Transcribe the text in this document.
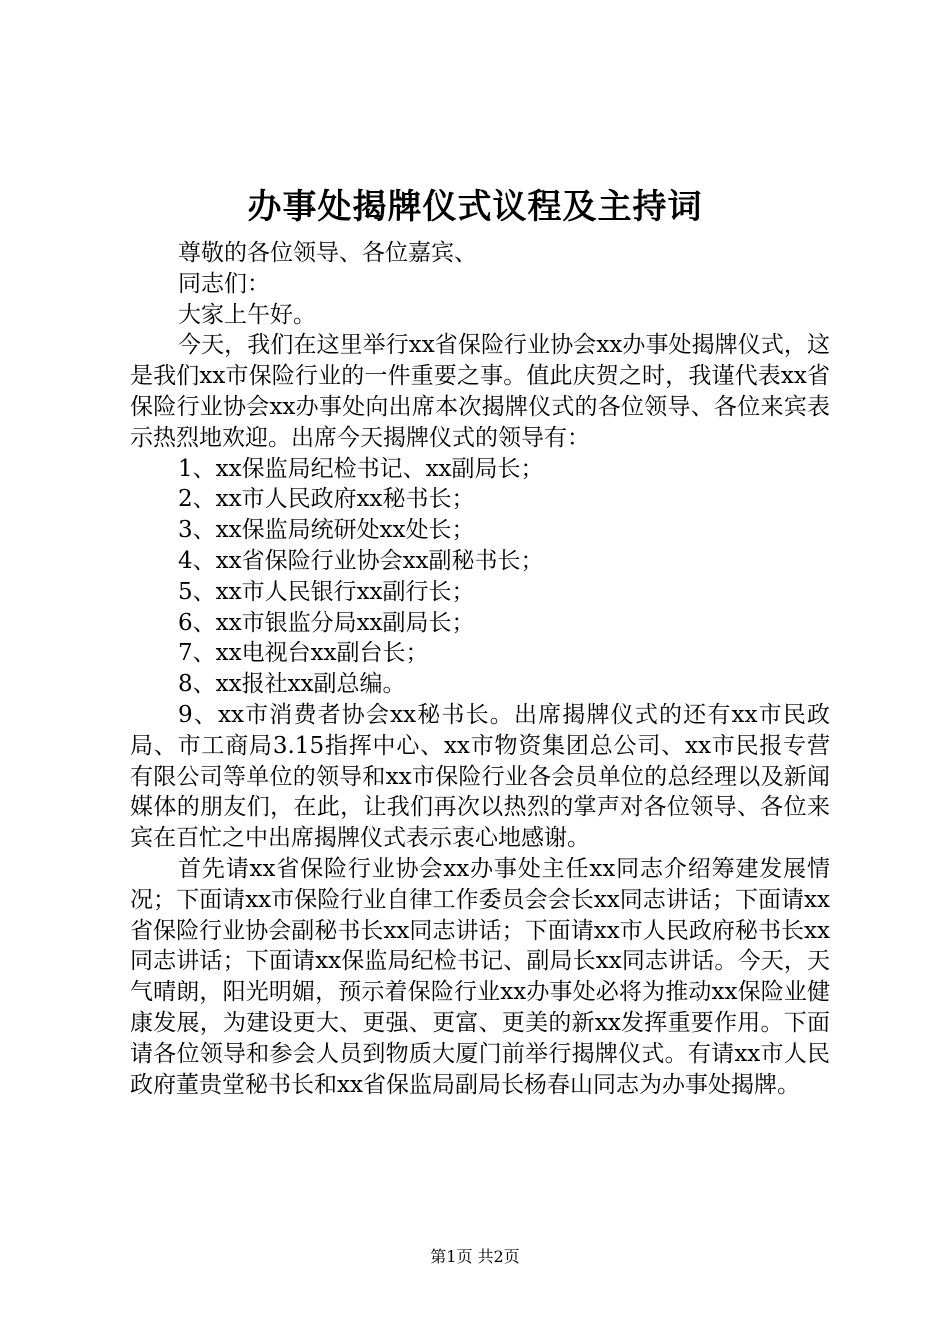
办事处揭牌仪式议程及主持词

尊敬的各位领导、各位嘉宾、

同志们：

大家上午好。

今天，我们在这里举行xx省保险行业协会xx办事处揭牌仪式，这是我们xx市保险行业的一件重要之事。值此庆贺之时，我谨代表xx省保险行业协会xx办事处向出席本次揭牌仪式的各位领导、各位来宾表示热烈地欢迎。出席今天揭牌仪式的领导有：

1、xx保监局纪检书记、xx副局长；

2、xx市人民政府xx秘书长；

3、xx保监局统研处xx处长；

4、xx省保险行业协会xx副秘书长；

5、xx市人民银行xx副行长；

6、xx市银监分局xx副局长；

7、xx电视台xx副台长；

8、xx报社xx副总编。

9、xx市消费者协会xx秘书长。出席揭牌仪式的还有xx市民政局、市工商局3.15指挥中心、xx市物资集团总公司、xx市民报专营有限公司等单位的领导和xx市保险行业各会员单位的总经理以及新闻媒体的朋友们，在此，让我们再次以热烈的掌声对各位领导、各位来宾在百忙之中出席揭牌仪式表示衷心地感谢。

首先请xx省保险行业协会xx办事处主任xx同志介绍筹建发展情况；下面请xx市保险行业自律工作委员会会长xx同志讲话；下面请xx省保险行业协会副秘书长xx同志讲话；下面请xx市人民政府秘书长xx同志讲话；下面请xx保监局纪检书记、副局长xx同志讲话。今天，天气晴朗，阳光明媚，预示着保险行业xx办事处必将为推动xx保险业健康发展，为建设更大、更强、更富、更美的新xx发挥重要作用。下面请各位领导和参会人员到物质大厦门前举行揭牌仪式。有请xx市人民政府董贵堂秘书长和xx省保监局副局长杨春山同志为办事处揭牌。

第1页 共2页
